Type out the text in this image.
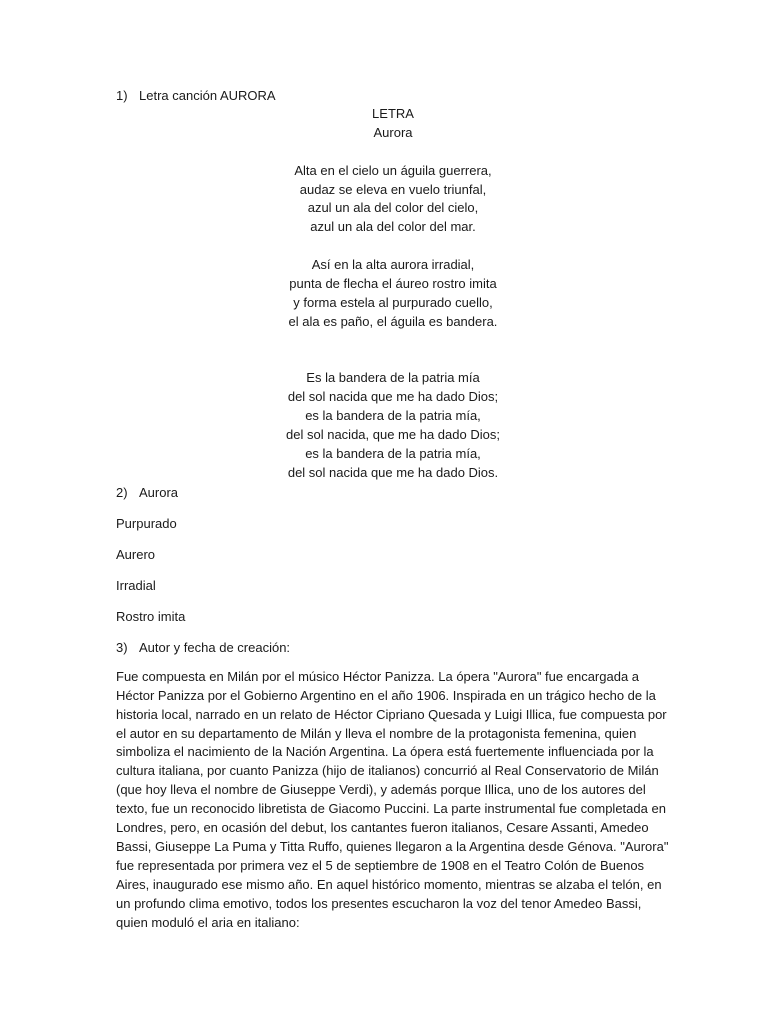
1) Letra canción AURORA
LETRA
Aurora
Alta en el cielo un águila guerrera,
audaz se eleva en vuelo triunfal,
azul un ala del color del cielo,
azul un ala del color del mar.
Así en la alta aurora irradial,
punta de flecha el áureo rostro imita
y forma estela al purpurado cuello,
el ala es paño, el águila es bandera.
Es la bandera de la patria mía
del sol nacida que me ha dado Dios;
es la bandera de la patria mía,
del sol nacida, que me ha dado Dios;
es la bandera de la patria mía,
del sol nacida que me ha dado Dios.
2) Aurora
Purpurado
Aurero
Irradial
Rostro imita
3) Autor y fecha de creación:
Fue compuesta en Milán por el músico Héctor Panizza. La ópera "Aurora" fue encargada a
Héctor Panizza por el Gobierno Argentino en el año 1906. Inspirada en un trágico hecho de la
historia local, narrado en un relato de Héctor Cipriano Quesada y Luigi Illica, fue compuesta por
el autor en su departamento de Milán y lleva el nombre de la protagonista femenina, quien
simboliza el nacimiento de la Nación Argentina. La ópera está fuertemente influenciada por la
cultura italiana, por cuanto Panizza (hijo de italianos) concurrió al Real Conservatorio de Milán
(que hoy lleva el nombre de Giuseppe Verdi), y además porque Illica, uno de los autores del
texto, fue un reconocido libretista de Giacomo Puccini. La parte instrumental fue completada en
Londres, pero, en ocasión del debut, los cantantes fueron italianos, Cesare Assanti, Amedeo
Bassi, Giuseppe La Puma y Titta Ruffo, quienes llegaron a la Argentina desde Génova. "Aurora"
fue representada por primera vez el 5 de septiembre de 1908 en el Teatro Colón de Buenos
Aires, inaugurado ese mismo año. En aquel histórico momento, mientras se alzaba el telón, en
un profundo clima emotivo, todos los presentes escucharon la voz del tenor Amedeo Bassi,
quien moduló el aria en italiano:
